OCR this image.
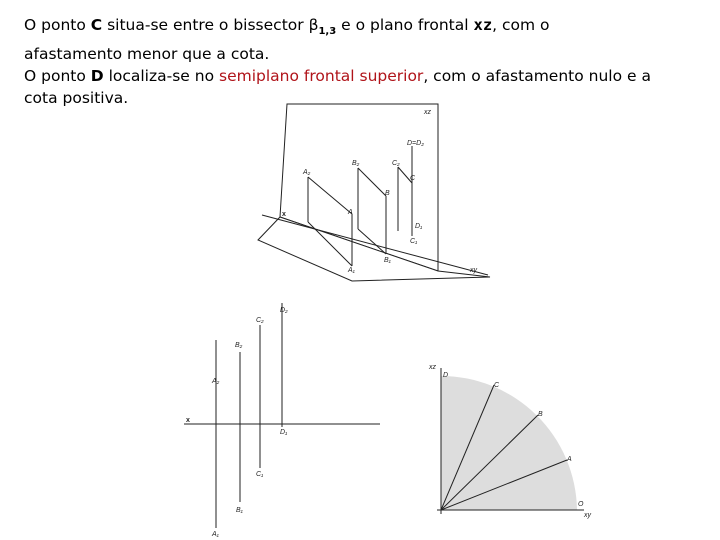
O ponto C situa-se entre o bissector $\beta_{1,3}$ e o plano frontal xz, com o

afastamento menor que a cota.

O ponto D localiza-se no semiplano frontal superior, com o afastamento nulo e a

cota positiva.

xz
x
xy
D=D₂
A₂
B₂	C₂
B
C
A
D₁
C₁
A₁
B₁
x
D₂
C₂
B₂
A₂
D₁
C₁
B₁
A₁
xz
xy
D
C
B
A
O
